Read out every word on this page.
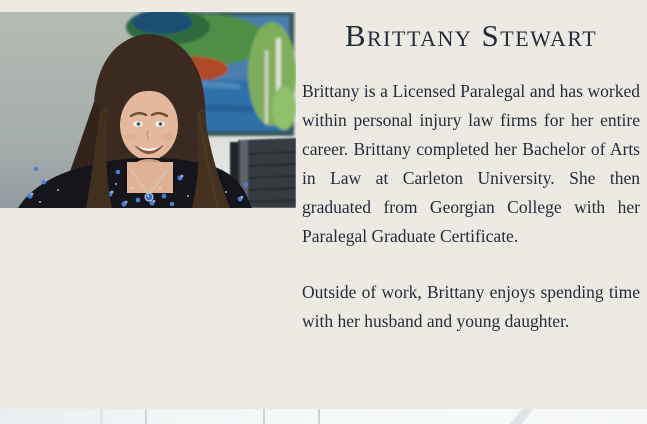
Brittany Stewart

Brittany is a Licensed Paralegal and has worked within personal injury law firms for her entire career. Brittany completed her Bachelor of Arts in Law at Carleton University. She then graduated from Georgian College with her Paralegal Graduate Certificate.

Outside of work, Brittany enjoys spending time with her husband and young daughter.
